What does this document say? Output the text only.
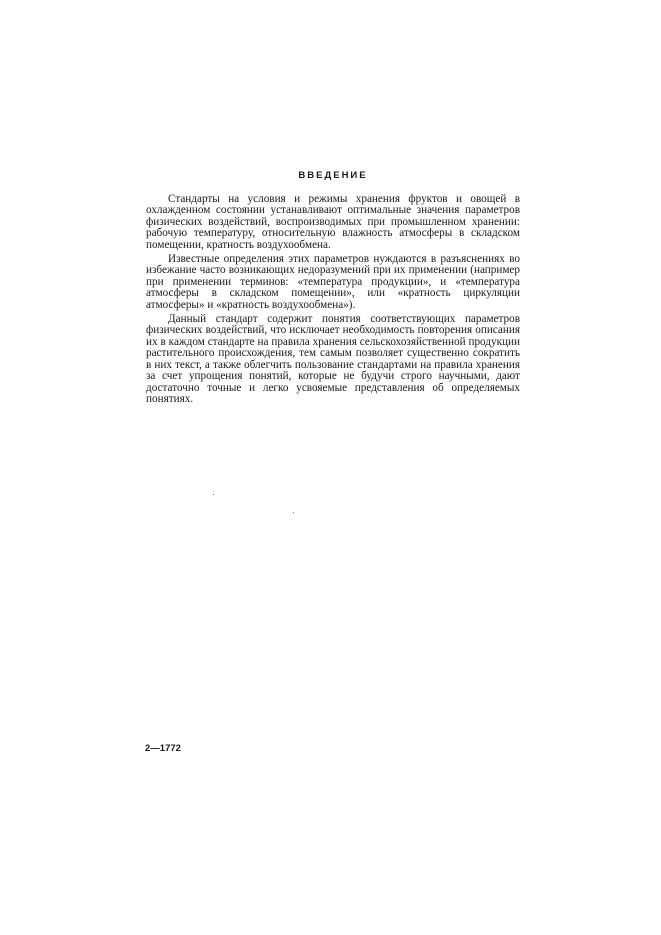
ВВЕДЕНИЕ

Стандарты на условия и режимы хранения фруктов и овощей в охлажденном состоянии устанавливают оптимальные значения параметров физических воздействий, воспроизводимых при промышленном хранении: рабочую температуру, относительную влажность атмосферы в складском помещении, кратность воздухообмена.

Известные определения этих параметров нуждаются в разъяснениях во избежание часто возникающих недоразумений при их применении (например при применении терминов: «температура продукции», и «температура атмосферы в складском помещении», или «кратность циркуляции атмосферы» и «кратность воздухообмена»).

Данный стандарт содержит понятия соответствующих параметров физических воздействий, что исключает необходимость повторения описания их в каждом стандарте на правила хранения сельскохозяйственной продукции растительного происхождения, тем самым позволяет существенно сократить в них текст, а также облегчить пользование стандартами на правила хранения за счет упрощения понятий, которые не будучи строго научными, дают достаточно точные и легко усвояемые представления об определяемых понятиях.

2—1772
